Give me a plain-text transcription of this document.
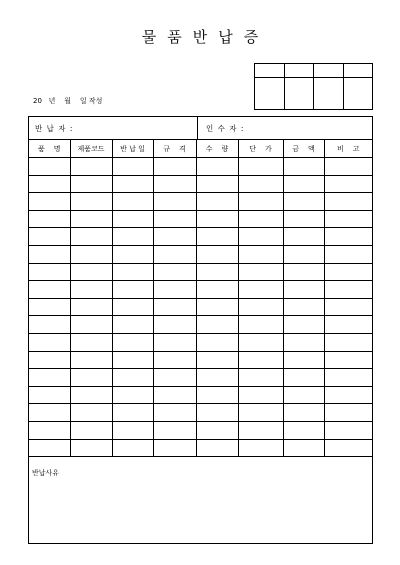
물품반납증

20   년    월    일 작성
반 납 자 :	인 수 자 :
품    명	제품코드	반 납 일	규    격	수    량	단    가	금    액	비    고

반납사유
